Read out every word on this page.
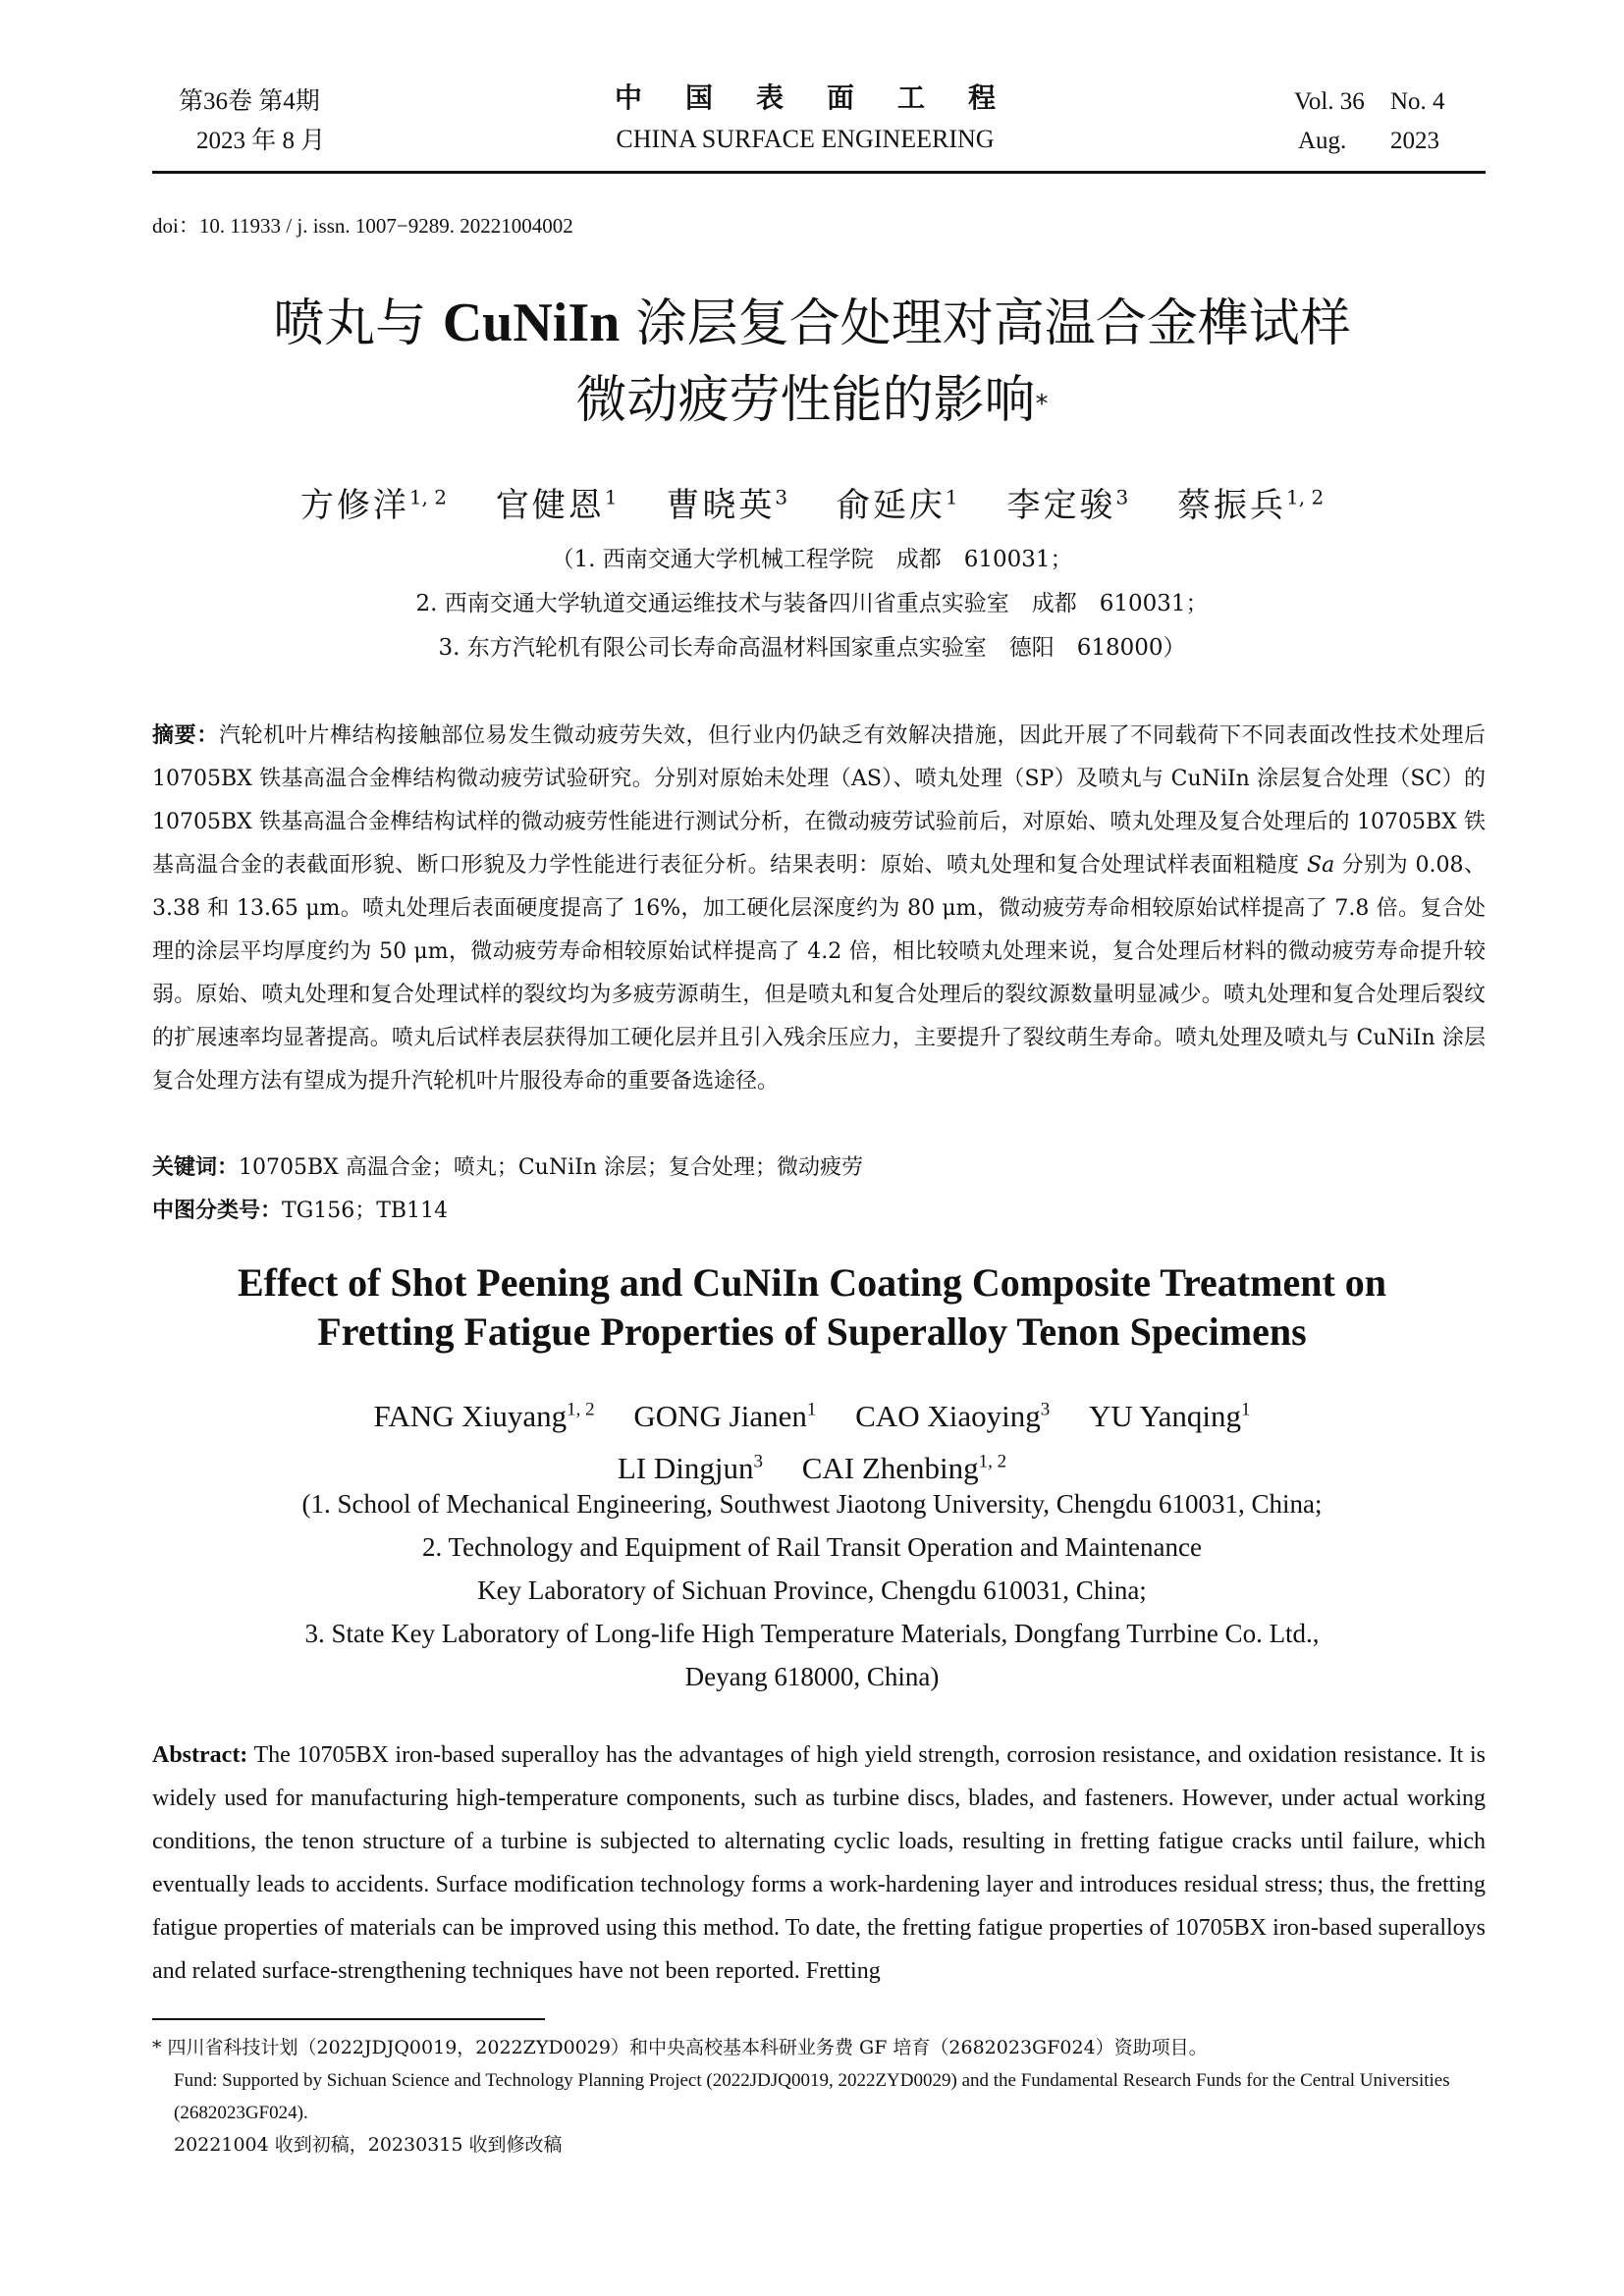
第36卷 第4期
2023 年 8 月
中国表面工程
CHINA SURFACE ENGINEERING
Vol. 36	No. 4
Aug.	2023
doi：10. 11933 / j. issn. 1007−9289. 20221004002
喷丸与 CuNiIn 涂层复合处理对高温合金榫试样
微动疲劳性能的影响*
方修洋$^{1, 2}$ 官健恩$^1$ 曹晓英$^3$ 俞延庆$^1$ 李定骏$^3$ 蔡振兵$^{1, 2}$
（1. 西南交通大学机械工程学院　成都　610031；
2. 西南交通大学轨道交通运维技术与装备四川省重点实验室　成都　610031；
3. 东方汽轮机有限公司长寿命高温材料国家重点实验室　德阳　618000）
摘要：汽轮机叶片榫结构接触部位易发生微动疲劳失效，但行业内仍缺乏有效解决措施，因此开展了不同载荷下不同表面改性技术处理后 10705BX 铁基高温合金榫结构微动疲劳试验研究。分别对原始未处理（AS）、喷丸处理（SP）及喷丸与 CuNiIn 涂层复合处理（SC）的 10705BX 铁基高温合金榫结构试样的微动疲劳性能进行测试分析，在微动疲劳试验前后，对原始、喷丸处理及复合处理后的 10705BX 铁基高温合金的表截面形貌、断口形貌及力学性能进行表征分析。结果表明：原始、喷丸处理和复合处理试样表面粗糙度 Sa 分别为 0.08、3.38 和 13.65 μm。喷丸处理后表面硬度提高了 16%，加工硬化层深度约为 80 μm，微动疲劳寿命相较原始试样提高了 7.8 倍。复合处理的涂层平均厚度约为 50 μm，微动疲劳寿命相较原始试样提高了 4.2 倍，相比较喷丸处理来说，复合处理后材料的微动疲劳寿命提升较弱。原始、喷丸处理和复合处理试样的裂纹均为多疲劳源萌生，但是喷丸和复合处理后的裂纹源数量明显减少。喷丸处理和复合处理后裂纹的扩展速率均显著提高。喷丸后试样表层获得加工硬化层并且引入残余压应力，主要提升了裂纹萌生寿命。喷丸处理及喷丸与 CuNiIn 涂层复合处理方法有望成为提升汽轮机叶片服役寿命的重要备选途径。
关键词：10705BX 高温合金；喷丸；CuNiIn 涂层；复合处理；微动疲劳
中图分类号：TG156；TB114
Effect of Shot Peening and CuNiIn Coating Composite Treatment on
Fretting Fatigue Properties of Superalloy Tenon Specimens
FANG Xiuyang$^{1, 2}$ GONG Jianen$^1$ CAO Xiaoying$^3$ YU Yanqing$^1$
LI Dingjun$^3$ CAI Zhenbing$^{1, 2}$
(1. School of Mechanical Engineering, Southwest Jiaotong University, Chengdu 610031, China;
2. Technology and Equipment of Rail Transit Operation and Maintenance
Key Laboratory of Sichuan Province, Chengdu 610031, China;
3. State Key Laboratory of Long-life High Temperature Materials, Dongfang Turrbine Co. Ltd.,
Deyang 618000, China)
Abstract: The 10705BX iron-based superalloy has the advantages of high yield strength, corrosion resistance, and oxidation resistance. It is widely used for manufacturing high-temperature components, such as turbine discs, blades, and fasteners. However, under actual working conditions, the tenon structure of a turbine is subjected to alternating cyclic loads, resulting in fretting fatigue cracks until failure, which eventually leads to accidents. Surface modification technology forms a work-hardening layer and introduces residual stress; thus, the fretting fatigue properties of materials can be improved using this method. To date, the fretting fatigue properties of 10705BX iron-based superalloys and related surface-strengthening techniques have not been reported. Fretting
* 四川省科技计划（2022JDJQ0019，2022ZYD0029）和中央高校基本科研业务费 GF 培育（2682023GF024）资助项目。
Fund: Supported by Sichuan Science and Technology Planning Project (2022JDJQ0019, 2022ZYD0029) and the Fundamental Research Funds for the Central Universities (2682023GF024).
20221004 收到初稿，20230315 收到修改稿
